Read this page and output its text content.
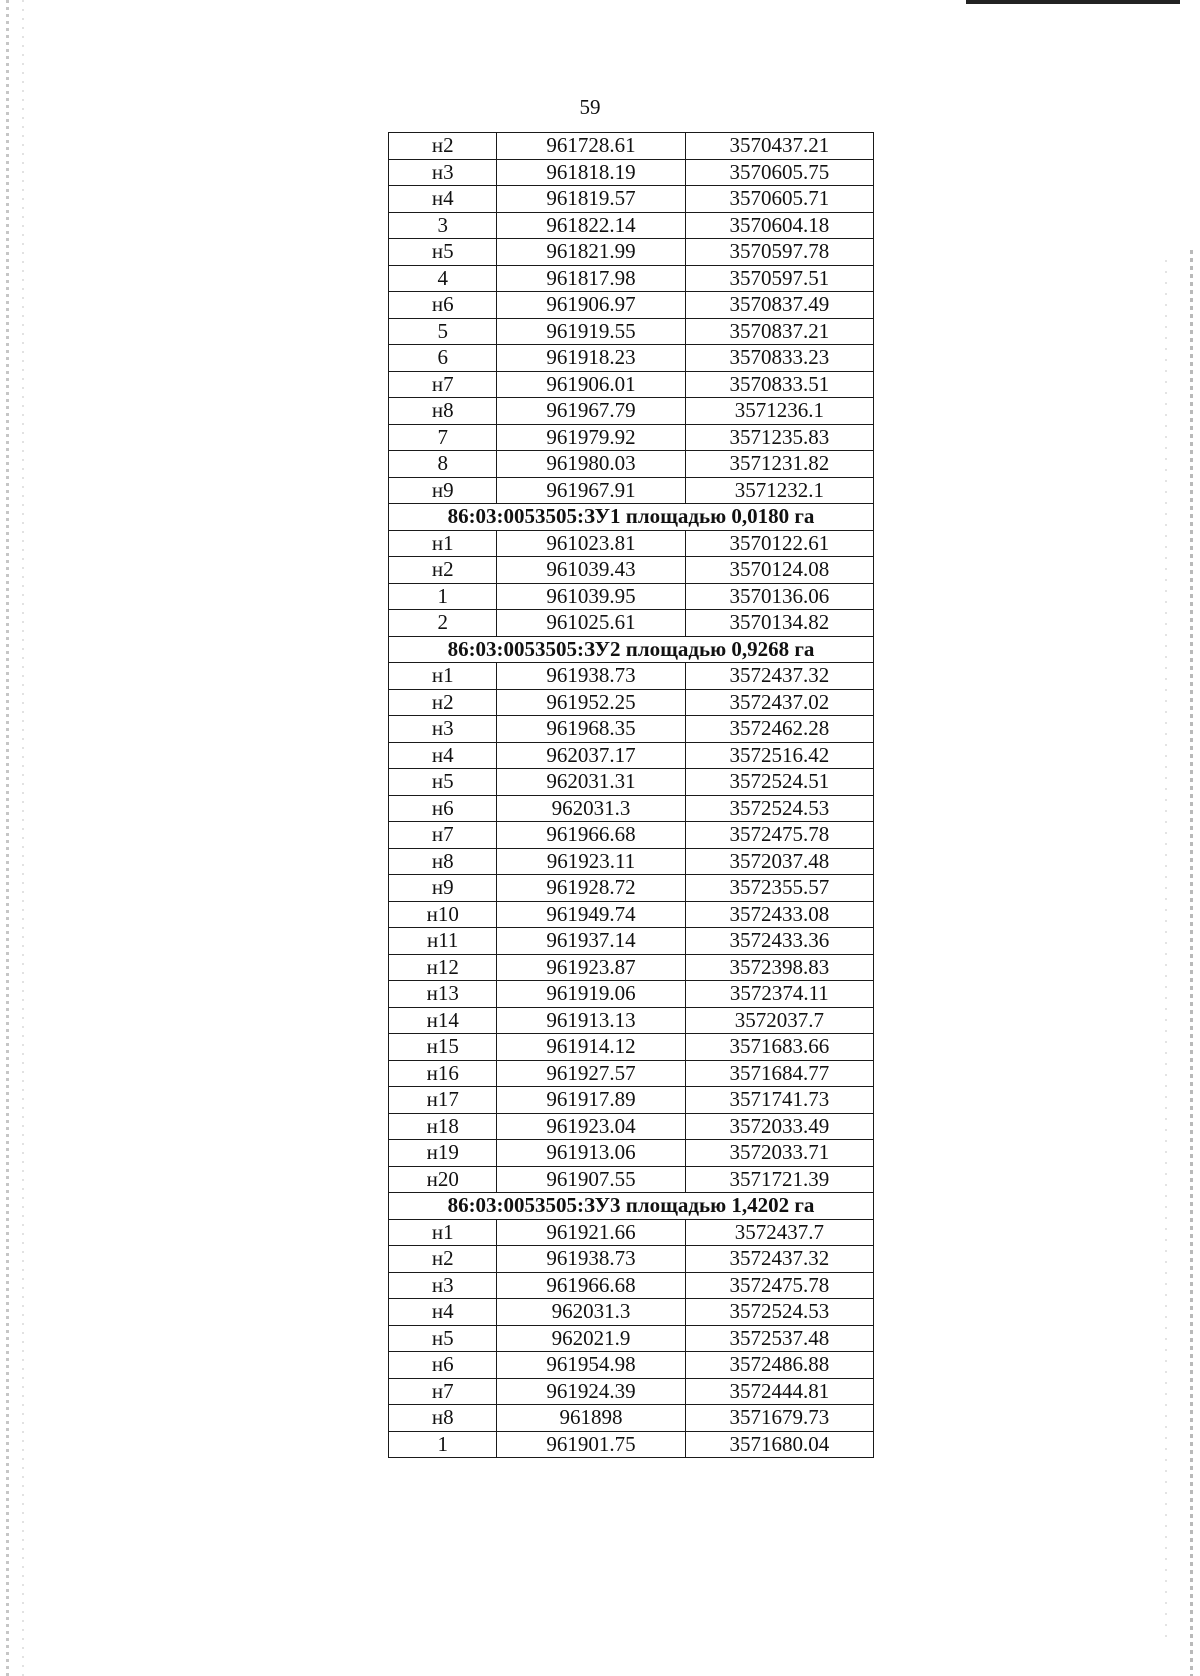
59
н2	961728.61	3570437.21
н3	961818.19	3570605.75
н4	961819.57	3570605.71
3	961822.14	3570604.18
н5	961821.99	3570597.78
4	961817.98	3570597.51
н6	961906.97	3570837.49
5	961919.55	3570837.21
6	961918.23	3570833.23
н7	961906.01	3570833.51
н8	961967.79	3571236.1
7	961979.92	3571235.83
8	961980.03	3571231.82
н9	961967.91	3571232.1
86:03:0053505:ЗУ1 площадью 0,0180 га		
н1	961023.81	3570122.61
н2	961039.43	3570124.08
1	961039.95	3570136.06
2	961025.61	3570134.82
86:03:0053505:ЗУ2 площадью 0,9268 га		
н1	961938.73	3572437.32
н2	961952.25	3572437.02
н3	961968.35	3572462.28
н4	962037.17	3572516.42
н5	962031.31	3572524.51
н6	962031.3	3572524.53
н7	961966.68	3572475.78
н8	961923.11	3572037.48
н9	961928.72	3572355.57
н10	961949.74	3572433.08
н11	961937.14	3572433.36
н12	961923.87	3572398.83
н13	961919.06	3572374.11
н14	961913.13	3572037.7
н15	961914.12	3571683.66
н16	961927.57	3571684.77
н17	961917.89	3571741.73
н18	961923.04	3572033.49
н19	961913.06	3572033.71
н20	961907.55	3571721.39
86:03:0053505:ЗУ3 площадью 1,4202 га		
н1	961921.66	3572437.7
н2	961938.73	3572437.32
н3	961966.68	3572475.78
н4	962031.3	3572524.53
н5	962021.9	3572537.48
н6	961954.98	3572486.88
н7	961924.39	3572444.81
н8	961898	3571679.73
1	961901.75	3571680.04
